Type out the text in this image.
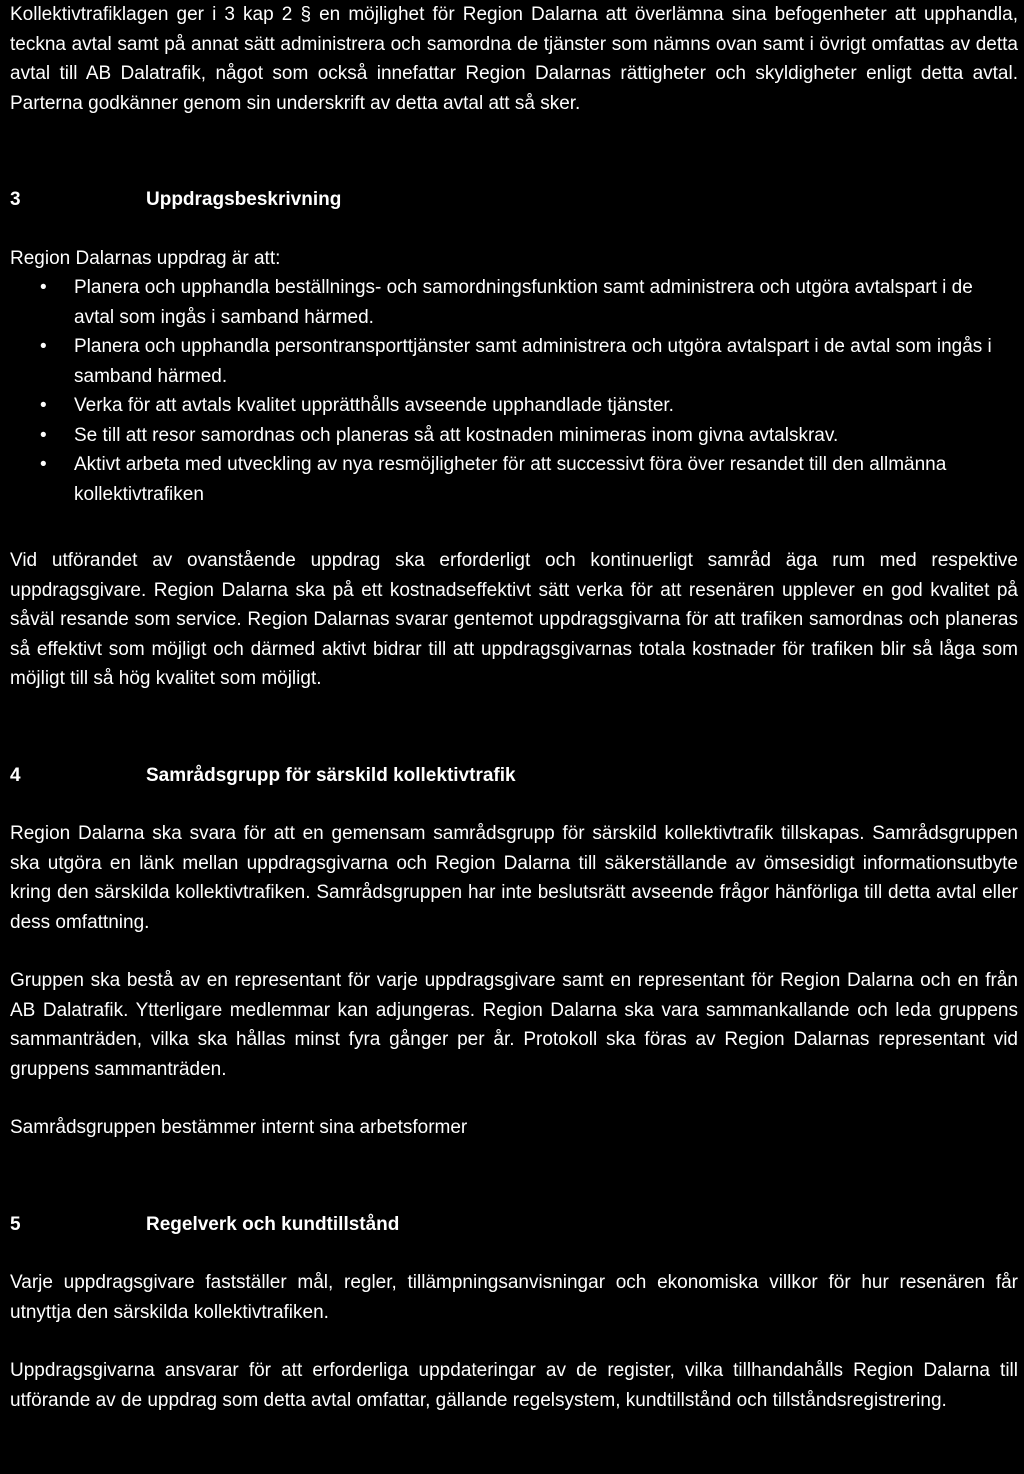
Kollektivtrafiklagen ger i 3 kap 2 § en möjlighet för Region Dalarna att överlämna sina befogenheter att upphandla, teckna avtal samt på annat sätt administrera och samordna de tjänster som nämns ovan samt i övrigt omfattas av detta avtal till AB Dalatrafik, något som också innefattar Region Dalarnas rättigheter och skyldigheter enligt detta avtal. Parterna godkänner genom sin underskrift av detta avtal att så sker.

3	Uppdragsbeskrivning

Region Dalarnas uppdrag är att:

• Planera och upphandla beställnings- och samordningsfunktion samt administrera och utgöra avtalspart i de avtal som ingås i samband härmed.
• Planera och upphandla persontransporttjänster samt administrera och utgöra avtalspart i de avtal som ingås i samband härmed.
• Verka för att avtals kvalitet upprätthålls avseende upphandlade tjänster.
• Se till att resor samordnas och planeras så att kostnaden minimeras inom givna avtalskrav.
• Aktivt arbeta med utveckling av nya resmöjligheter för att successivt föra över resandet till den allmänna kollektivtrafiken

Vid utförandet av ovanstående uppdrag ska erforderligt och kontinuerligt samråd äga rum med respektive uppdragsgivare. Region Dalarna ska på ett kostnadseffektivt sätt verka för att resenären upplever en god kvalitet på såväl resande som service. Region Dalarnas svarar gentemot uppdragsgivarna för att trafiken samordnas och planeras så effektivt som möjligt och därmed aktivt bidrar till att uppdragsgivarnas totala kostnader för trafiken blir så låga som möjligt till så hög kvalitet som möjligt.

4	Samrådsgrupp för särskild kollektivtrafik

Region Dalarna ska svara för att en gemensam samrådsgrupp för särskild kollektivtrafik tillskapas. Samrådsgruppen ska utgöra en länk mellan uppdragsgivarna och Region Dalarna till säkerställande av ömsesidigt informationsutbyte kring den särskilda kollektivtrafiken. Samrådsgruppen har inte beslutsrätt avseende frågor hänförliga till detta avtal eller dess omfattning.

Gruppen ska bestå av en representant för varje uppdragsgivare samt en representant för Region Dalarna och en från AB Dalatrafik. Ytterligare medlemmar kan adjungeras. Region Dalarna ska vara sammankallande och leda gruppens sammanträden, vilka ska hållas minst fyra gånger per år. Protokoll ska föras av Region Dalarnas representant vid gruppens sammanträden.

Samrådsgruppen bestämmer internt sina arbetsformer

5	Regelverk och kundtillstånd

Varje uppdragsgivare fastställer mål, regler, tillämpningsanvisningar och ekonomiska villkor för hur resenären får utnyttja den särskilda kollektivtrafiken.

Uppdragsgivarna ansvarar för att erforderliga uppdateringar av de register, vilka tillhandahålls Region Dalarna till utförande av de uppdrag som detta avtal omfattar, gällande regelsystem, kundtillstånd och tillståndsregistrering.
